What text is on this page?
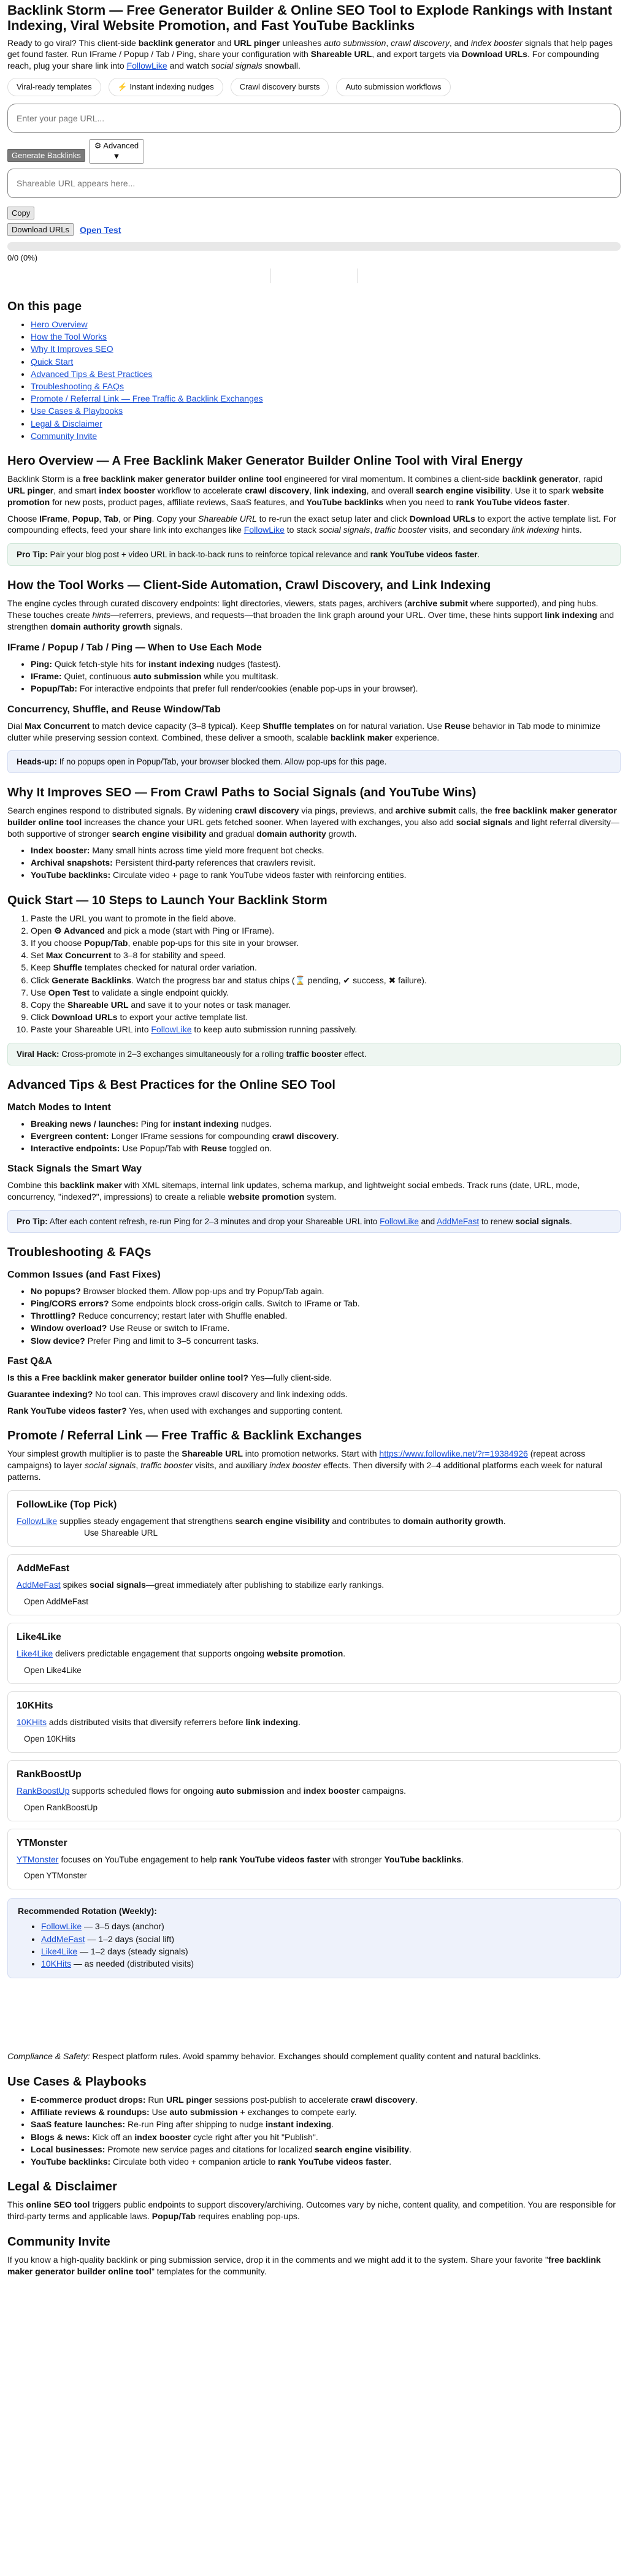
Backlink Storm — Free Generator Builder & Online SEO Tool to Explode Rankings with Instant Indexing, Viral Website Promotion, and Fast YouTube Backlinks

Ready to go viral? This client-side backlink generator and URL pinger unleashes auto submission, crawl discovery, and index booster signals that help pages get found faster. Run IFrame / Popup / Tab / Ping, share your configuration with Shareable URL, and export targets via Download URLs. For compounding reach, plug your share link into FollowLike and watch social signals snowball.

Viral-ready templates	⚡ Instant indexing nudges	Crawl discovery bursts	Auto submission workflows
Enter your page URL...
Generate Backlinks
⚙ Advanced
▼
Shareable URL appears here...
Copy
Download URLs	Open Test
0/0 (0%)
On this page
• Hero Overview
• How the Tool Works
• Why It Improves SEO
• Quick Start
• Advanced Tips & Best Practices
• Troubleshooting & FAQs
• Promote / Referral Link — Free Traffic & Backlink Exchanges
• Use Cases & Playbooks
• Legal & Disclaimer
• Community Invite
Hero Overview — A Free Backlink Maker Generator Builder Online Tool with Viral Energy

Backlink Storm is a free backlink maker generator builder online tool engineered for viral momentum. It combines a client-side backlink generator, rapid URL pinger, and smart index booster workflow to accelerate crawl discovery, link indexing, and overall search engine visibility. Use it to spark website promotion for new posts, product pages, affiliate reviews, SaaS features, and YouTube backlinks when you need to rank YouTube videos faster.

Choose IFrame, Popup, Tab, or Ping. Copy your Shareable URL to re-run the exact setup later and click Download URLs to export the active template list. For compounding effects, feed your share link into exchanges like FollowLike to stack social signals, traffic booster visits, and secondary link indexing hints.

Pro Tip: Pair your blog post + video URL in back-to-back runs to reinforce topical relevance and rank YouTube videos faster.
How the Tool Works — Client-Side Automation, Crawl Discovery, and Link Indexing

The engine cycles through curated discovery endpoints: light directories, viewers, stats pages, archivers (archive submit where supported), and ping hubs. These touches create hints—referrers, previews, and requests—that broaden the link graph around your URL. Over time, these hints support link indexing and strengthen domain authority growth signals.

IFrame / Popup / Tab / Ping — When to Use Each Mode
• Ping: Quick fetch-style hits for instant indexing nudges (fastest).
• IFrame: Quiet, continuous auto submission while you multitask.
• Popup/Tab: For interactive endpoints that prefer full render/cookies (enable pop-ups in your browser).
Concurrency, Shuffle, and Reuse Window/Tab

Dial Max Concurrent to match device capacity (3–8 typical). Keep Shuffle templates on for natural variation. Use Reuse behavior in Tab mode to minimize clutter while preserving session context. Combined, these deliver a smooth, scalable backlink maker experience.

Heads-up: If no popups open in Popup/Tab, your browser blocked them. Allow pop-ups for this page.
Why It Improves SEO — From Crawl Paths to Social Signals (and YouTube Wins)

Search engines respond to distributed signals. By widening crawl discovery via pings, previews, and archive submit calls, the free backlink maker generator builder online tool increases the chance your URL gets fetched sooner. When layered with exchanges, you also add social signals and light referral diversity—both supportive of stronger search engine visibility and gradual domain authority growth.

• Index booster: Many small hints across time yield more frequent bot checks.
• Archival snapshots: Persistent third-party references that crawlers revisit.
• YouTube backlinks: Circulate video + page to rank YouTube videos faster with reinforcing entities.
Quick Start — 10 Steps to Launch Your Backlink Storm
1. Paste the URL you want to promote in the field above.
2. Open ⚙ Advanced and pick a mode (start with Ping or IFrame).
3. If you choose Popup/Tab, enable pop-ups for this site in your browser.
4. Set Max Concurrent to 3–8 for stability and speed.
5. Keep Shuffle templates checked for natural order variation.
6. Click Generate Backlinks. Watch the progress bar and status chips (⌛ pending, ✔ success, ✖ failure).
7. Use Open Test to validate a single endpoint quickly.
8. Copy the Shareable URL and save it to your notes or task manager.
9. Click Download URLs to export your active template list.
10. Paste your Shareable URL into FollowLike to keep auto submission running passively.
Viral Hack: Cross-promote in 2–3 exchanges simultaneously for a rolling traffic booster effect.
Advanced Tips & Best Practices for the Online SEO Tool
Match Modes to Intent
• Breaking news / launches: Ping for instant indexing nudges.
• Evergreen content: Longer IFrame sessions for compounding crawl discovery.
• Interactive endpoints: Use Popup/Tab with Reuse toggled on.
Stack Signals the Smart Way

Combine this backlink maker with XML sitemaps, internal link updates, schema markup, and lightweight social embeds. Track runs (date, URL, mode, concurrency, "indexed?", impressions) to create a reliable website promotion system.

Pro Tip: After each content refresh, re-run Ping for 2–3 minutes and drop your Shareable URL into FollowLike and AddMeFast to renew social signals.
Troubleshooting & FAQs
Common Issues (and Fast Fixes)
• No popups? Browser blocked them. Allow pop-ups and try Popup/Tab again.
• Ping/CORS errors? Some endpoints block cross-origin calls. Switch to IFrame or Tab.
• Throttling? Reduce concurrency; restart later with Shuffle enabled.
• Window overload? Use Reuse or switch to IFrame.
• Slow device? Prefer Ping and limit to 3–5 concurrent tasks.
Fast Q&A

Is this a Free backlink maker generator builder online tool? Yes—fully client-side.

Guarantee indexing? No tool can. This improves crawl discovery and link indexing odds.

Rank YouTube videos faster? Yes, when used with exchanges and supporting content.

Promote / Referral Link — Free Traffic & Backlink Exchanges

Your simplest growth multiplier is to paste the Shareable URL into promotion networks. Start with https://www.followlike.net/?r=19384926 (repeat across campaigns) to layer social signals, traffic booster visits, and auxiliary index booster effects. Then diversify with 2–4 additional platforms each week for natural patterns.

FollowLike (Top Pick)

FollowLike supplies steady engagement that strengthens search engine visibility and contributes to domain authority growth.

Use Shareable URL
AddMeFast

AddMeFast spikes social signals—great immediately after publishing to stabilize early rankings.

Open AddMeFast
Like4Like

Like4Like delivers predictable engagement that supports ongoing website promotion.

Open Like4Like
10KHits

10KHits adds distributed visits that diversify referrers before link indexing.

Open 10KHits
RankBoostUp

RankBoostUp supports scheduled flows for ongoing auto submission and index booster campaigns.

Open RankBoostUp
YTMonster

YTMonster focuses on YouTube engagement to help rank YouTube videos faster with stronger YouTube backlinks.

Open YTMonster
Recommended Rotation (Weekly):
• FollowLike — 3–5 days (anchor)
• AddMeFast — 1–2 days (social lift)
• Like4Like — 1–2 days (steady signals)
• 10KHits — as needed (distributed visits)

Compliance & Safety: Respect platform rules. Avoid spammy behavior. Exchanges should complement quality content and natural backlinks.

Use Cases & Playbooks
• E-commerce product drops: Run URL pinger sessions post-publish to accelerate crawl discovery.
• Affiliate reviews & roundups: Use auto submission + exchanges to compete early.
• SaaS feature launches: Re-run Ping after shipping to nudge instant indexing.
• Blogs & news: Kick off an index booster cycle right after you hit "Publish".
• Local businesses: Promote new service pages and citations for localized search engine visibility.
• YouTube backlinks: Circulate both video + companion article to rank YouTube videos faster.
Legal & Disclaimer

This online SEO tool triggers public endpoints to support discovery/archiving. Outcomes vary by niche, content quality, and competition. You are responsible for third-party terms and applicable laws. Popup/Tab requires enabling pop-ups.

Community Invite

If you know a high-quality backlink or ping submission service, drop it in the comments and we might add it to the system. Share your favorite "free backlink maker generator builder online tool" templates for the community.
